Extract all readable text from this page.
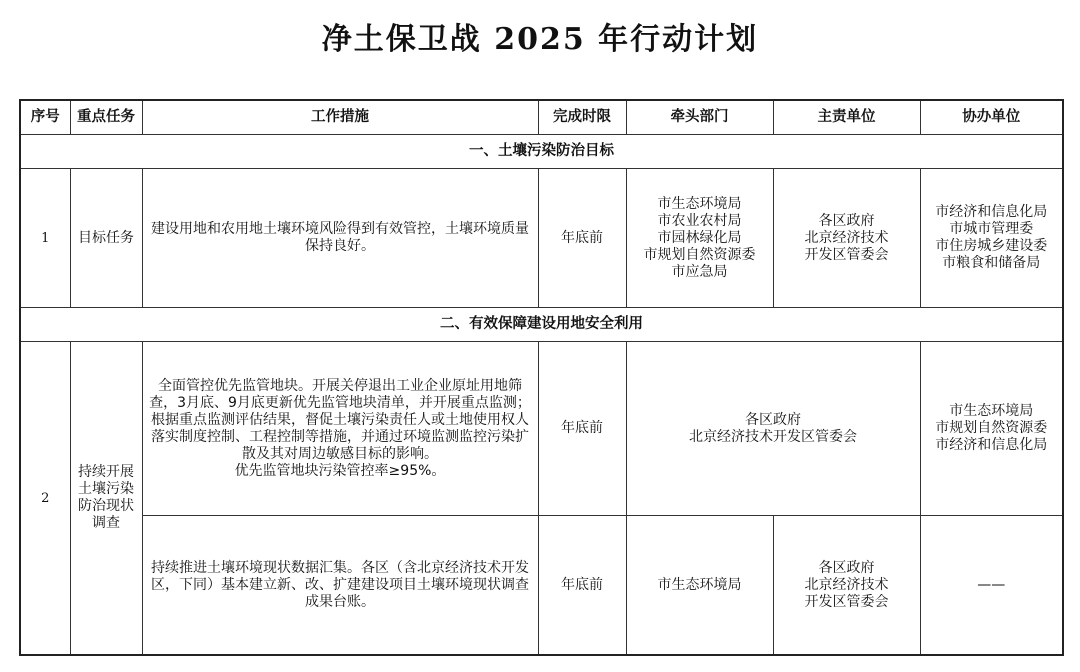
净土保卫战 2025 年行动计划
序号	重点任务	工作措施	完成时限	牵头部门	主责单位	协办单位
一、土壤污染防治目标						
1	目标任务	建设用地和农用地土壤环境风险得到有效管控，土壤环境质量保持良好。	年底前	市生态环境局
市农业农村局
市园林绿化局
市规划自然资源委
市应急局	各区政府
北京经济技术
开发区管委会	市经济和信息化局
市城市管理委
市住房城乡建设委
市粮食和储备局

二、有效保障建设用地安全利用						
2	持续开展土壤污染防治现状调查	全面管控优先监管地块。开展关停退出工业企业原址用地筛查，3月底、9月底更新优先监管地块清单，并开展重点监测；根据重点监测评估结果，督促土壤污染责任人或土地使用权人落实制度控制、工程控制等措施，并通过环境监测监控污染扩散及其对周边敏感目标的影响。
优先监管地块污染管控率≥95%。	年底前	各区政府
北京经济技术开发区管委会		市生态环境局
市规划自然资源委
市经济和信息化局

		持续推进土壤环境现状数据汇集。各区（含北京经济技术开发区，下同）基本建立新、改、扩建建设项目土壤环境现状调查成果台账。	年底前	市生态环境局	各区政府
北京经济技术
开发区管委会	——
